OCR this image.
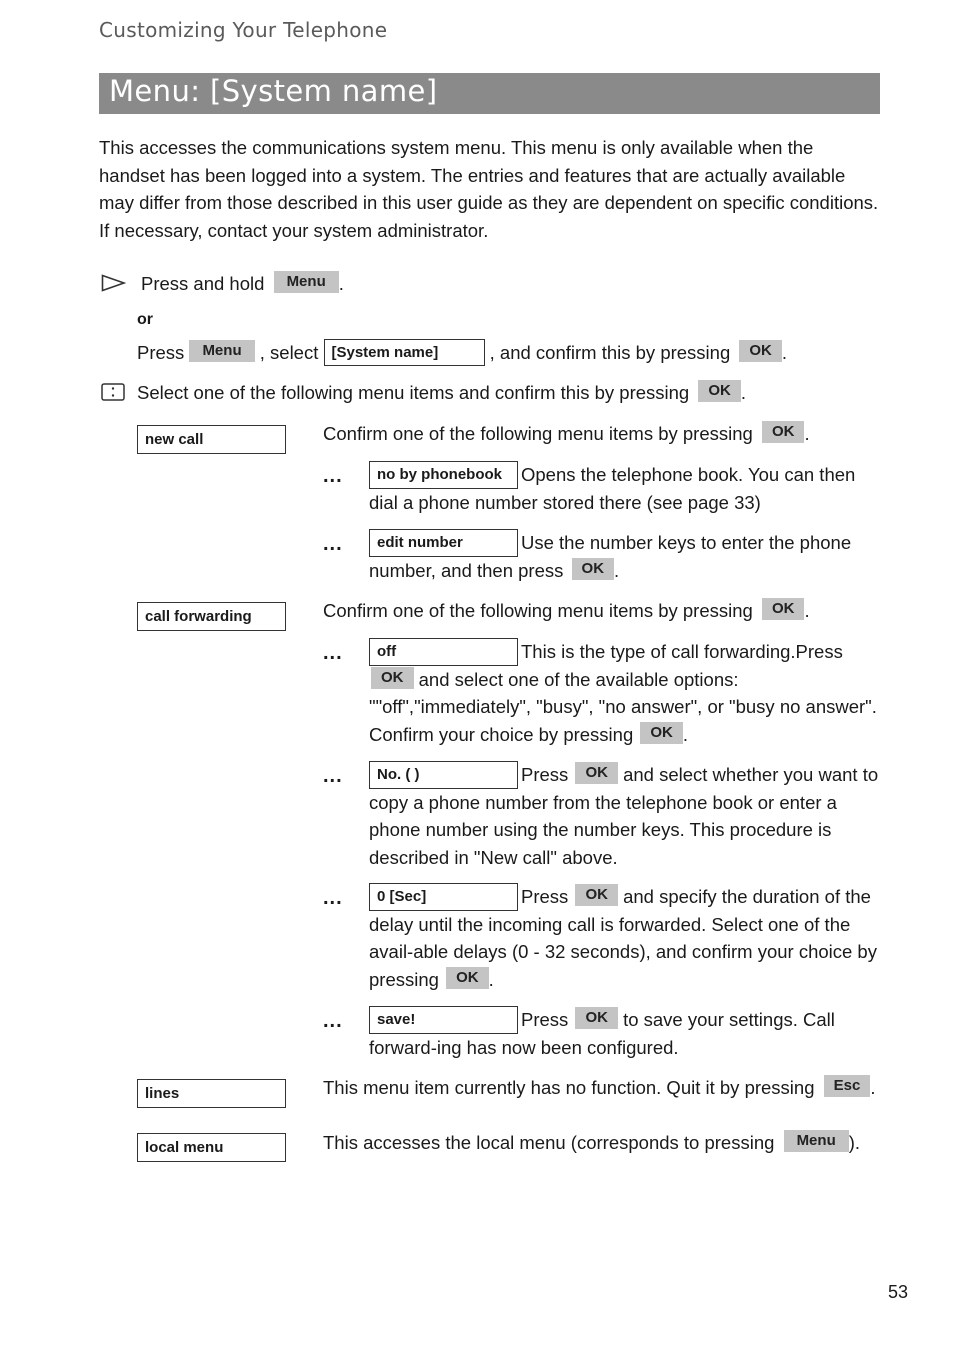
Customizing Your Telephone
Menu: [System name]
This accesses the communications system menu. This menu is only available when the handset has been logged into a system. The entries and features that are actually available may differ from those described in this user guide as they are dependent on specific conditions. If necessary, contact your system administrator.
Press and hold Menu .
or
Press Menu , select [System name]	, and confirm this by pressing OK .
Select one of the following menu items and confirm this by pressing OK .
new call	Confirm one of the following menu items by pressing OK .
...	no by phonebook	Opens the telephone book. You can then dial a phone number stored there (see page 33)
...	edit number	Use the number keys to enter the phone number, and then press OK .
call forwarding	Confirm one of the following menu items by pressing OK .
...	off	This is the type of call forwarding.Press OK and select one of the available options: ""off","immediately", "busy", "no answer", or "busy no answer". Confirm your choice by pressing OK .
...	No. ( )	Press OK and select whether you want to copy a phone number from the telephone book or enter a phone number using the number keys. This procedure is described in "New call" above.
...	0 [Sec]	Press OK and specify the duration of the delay until the incoming call is forwarded. Select one of the avail-able delays (0 - 32 seconds), and confirm your choice by pressing OK .
...	save!	Press OK to save your settings. Call forward-ing has now been configured.
lines	This menu item currently has no function. Quit it by pressing Esc .
local menu	This accesses the local menu (corresponds to pressing Menu ).
53
